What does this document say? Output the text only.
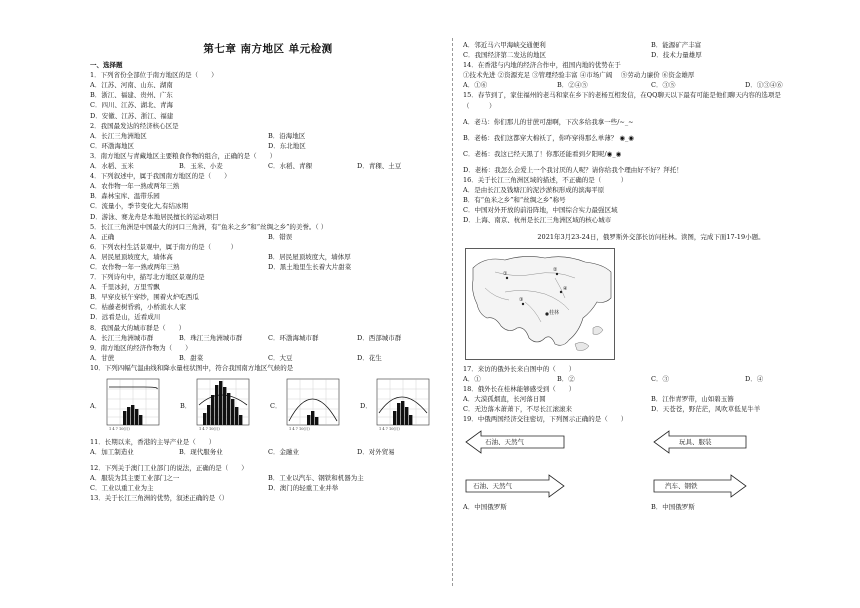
第七章 南方地区 单元检测
一、选择题
1．下列省份全部位于南方地区的是（　　）
A．江苏、河南、山东、湖南
B．浙江、福建、贵州、广东
C．四川、江苏、湖北、青海
D．安徽、江苏、浙江、福建
2．我国最发达的经济核心区是
A．长江三角洲地区	B．沿海地区
C．环渤海地区	D．东北地区
3．南方地区与青藏地区主要粮食作物的组合，正确的是（　　）
A．水稻、玉米	B．玉米、小麦	C．水稻、青稞	D．青稞、土豆
4．下列叙述中，属于我国南方地区的是（　　）
A．农作物一年一熟或两年三熟
B．森林宝库、温带乐园
C．流量小，季节变化大,有结冰期
D．游泳、赛龙舟是本地居民擅长的运动项目
5．长江三角洲是中国最大的河口三角洲，有“鱼米之乡”和“丝绸之乡”的美誉。（ ）
A．正确	B．错误
6．下列农村生活景观中，属于南方的是（　　　）
A．居民屋顶坡度大，墙体高	B．居民屋顶坡度大，墙体厚
C．农作物一年一熟或两年三熟	D．黑土地里生长着大片甜菜
7．下列诗句中，描写北方地区景观的是
A．千里冰封，万里雪飘
B．早穿皮袄午穿纱，围着火炉吃西瓜
C．枯藤老树昏鸦，小桥流水人家
D．远看是山，近看成川
8．我国最大的城市群是（　　）
A．长江三角洲城市群	B．珠江三角洲城市群	C．环渤海城市群	D．西部城市群
9．南方地区的经济作物为（　　）
A．甘蔗	B．甜菜	C．大豆	D．花生
10．下列四幅气温曲线和降水量柱状图中，符合我国南方地区气候的是
A．
1 4 7 10(月)
B．
1 4 7 10(月)
C．
1 4 7 10(月)
D．
1 4 7 10(月)
11．长期以来，香港的主导产业是（　　）
A．加工制造业	B．现代服务业	C．金融业	D．对外贸易
12．下列关于澳门工业部门的说法，正确的是（　　）
A．服装为其主要工业部门之一	B．工业以汽车、钢铁和机器为主
C．工业以重工业为主	D．澳门的轻重工业并举
13．关于长江三角洲的优势，叙述正确的是（）
A．邻近马六甲海峡交通便利	B．能源矿产丰富
C．我国经济第二发达的地区	D．技术力量雄厚
14．在香港与内地的经济合作中，祖国内地的优势在于
①技术先进 ②资源充足 ③管理经验丰富 ④市场广阔 　⑤劳动力廉价 ⑥资金雄厚
A．①⑥	B．②④⑤	C．③⑤	D．①③④⑥
15．春节到了，家住福州的老马和家在乡下的老杨互相发信，在QQ聊天以下最有可能是他们聊天内容的选项是
（　　　）
A．老马：你们那儿的甘蔗可甜啊，下次多给我拿一些/~_~
B．老杨：我们这都穿大棉袄了，你咋穿得那么单薄？ ◉_◉
C．老杨：我这已经天黑了！你那还能看到夕阳呢/◉_◉
D．老杨：我怎么会爱上一个我讨厌的人呢？请你给我个理由好不好？拜托！
16．关于长江三角洲区域的描述，不正确的是（　　　）
A．是由长江及钱塘江的泥沙淤积形成的滨海平原
B．有“鱼米之乡”和“丝绸之乡”称号
C．中国对外开放的前沿阵地，中国综合实力最强区域
D．上海、南京、杭州是长江三角洲区域的核心城市
2021年3月23-24日，俄罗斯外交部长访问桂林。读图，完成下面17-19小题。
①
②
③
④
桂林
17．来访的俄外长来自图中的（　　）
A．①	B．②	C．③	D．④
18．俄外长在桂林能够感受到（　　）
A．大漠孤烟直，长河落日圆	B．江作青罗带，山如碧玉簪
C．无边落木萧萧下，不尽长江滚滚来	D．天苍苍，野茫茫，风吹草低见牛羊
19．中俄两国经济交往密切，下列图示正确的是（　　）
石油、天然气	玩具、服装
石油、天然气	汽车、钢铁
A．中国俄罗斯	B．中国俄罗斯
